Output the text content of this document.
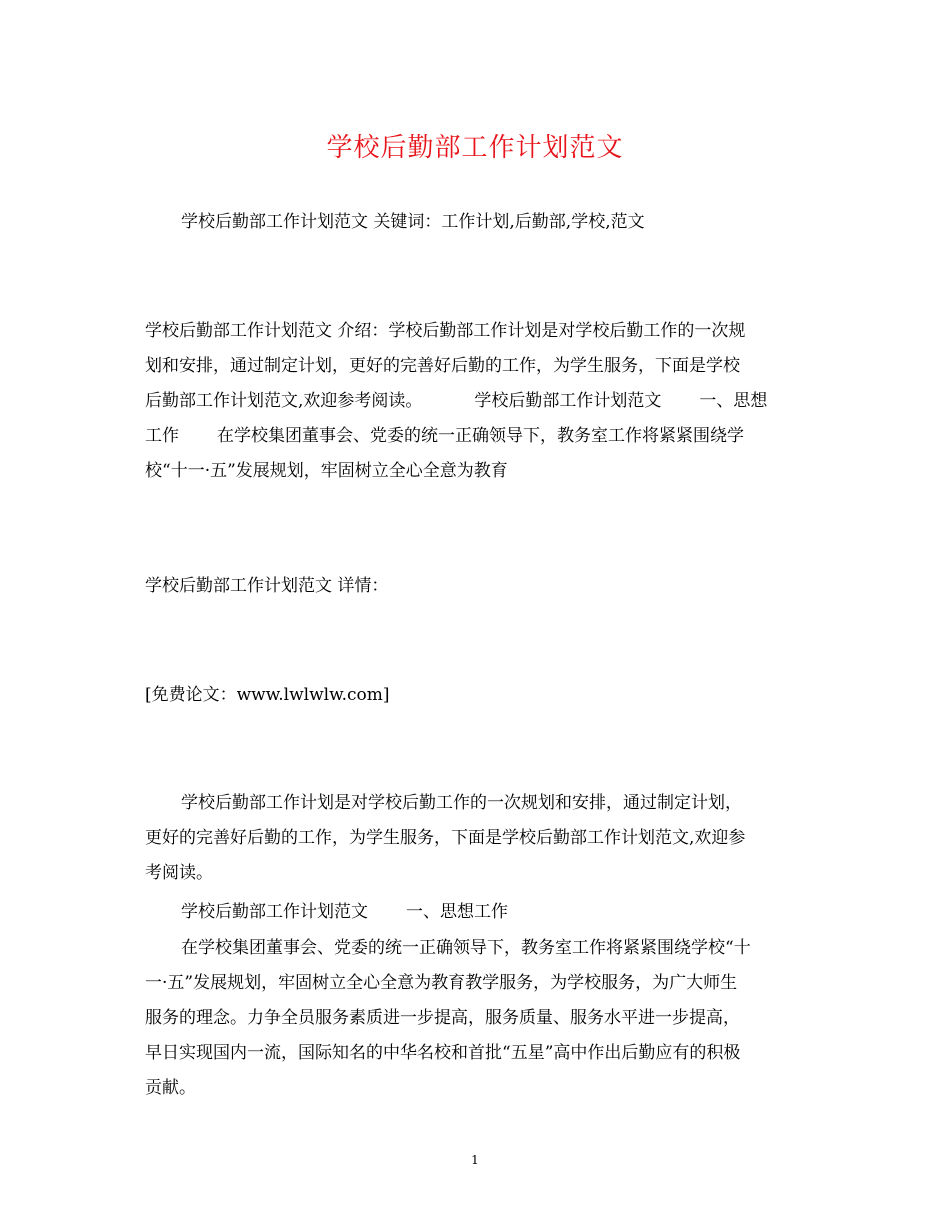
学校后勤部工作计划范文

学校后勤部工作计划范文 关键词：工作计划,后勤部,学校,范文

学校后勤部工作计划范文 介绍：学校后勤部工作计划是对学校后勤工作的一次规
划和安排，通过制定计划，更好的完善好后勤的工作，为学生服务，下面是学校
后勤部工作计划范文,欢迎参考阅读。	学校后勤部工作计划范文 一、思想
工作 在学校集团董事会、党委的统一正确领导下，教务室工作将紧紧围绕学
校“十一·五”发展规划，牢固树立全心全意为教育

学校后勤部工作计划范文 详情：

[免费论文：www.lwlwlw.com]

学校后勤部工作计划是对学校后勤工作的一次规划和安排，通过制定计划，
更好的完善好后勤的工作，为学生服务，下面是学校后勤部工作计划范文,欢迎参
考阅读。
学校后勤部工作计划范文 一、思想工作
在学校集团董事会、党委的统一正确领导下，教务室工作将紧紧围绕学校“十
一·五”发展规划，牢固树立全心全意为教育教学服务，为学校服务，为广大师生
服务的理念。力争全员服务素质进一步提高，服务质量、服务水平进一步提高，
早日实现国内一流，国际知名的中华名校和首批“五星”高中作出后勤应有的积极
贡献。
1
